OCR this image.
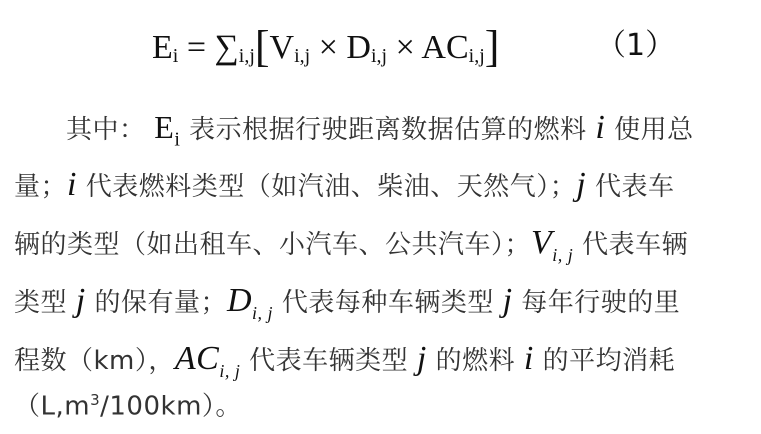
$E_i = \sum_{i,j}[V_{i,j} \times D_{i,j} \times AC_{i,j}]$	（1）
其中： $E_i$ 表示根据行驶距离数据估算的燃料 i 使用总
量；i 代表燃料类型（如汽油、柴油、天然气）；j 代表车
辆的类型（如出租车、小汽车、公共汽车）；$V_{i, j}$ 代表车辆
类型 j 的保有量；$D_{i, j}$ 代表每种车辆类型 j 每年行驶的里
程数（km），$AC_{i, j}$ 代表车辆类型 j 的燃料 i 的平均消耗
$(L,m^3/100km)$。
